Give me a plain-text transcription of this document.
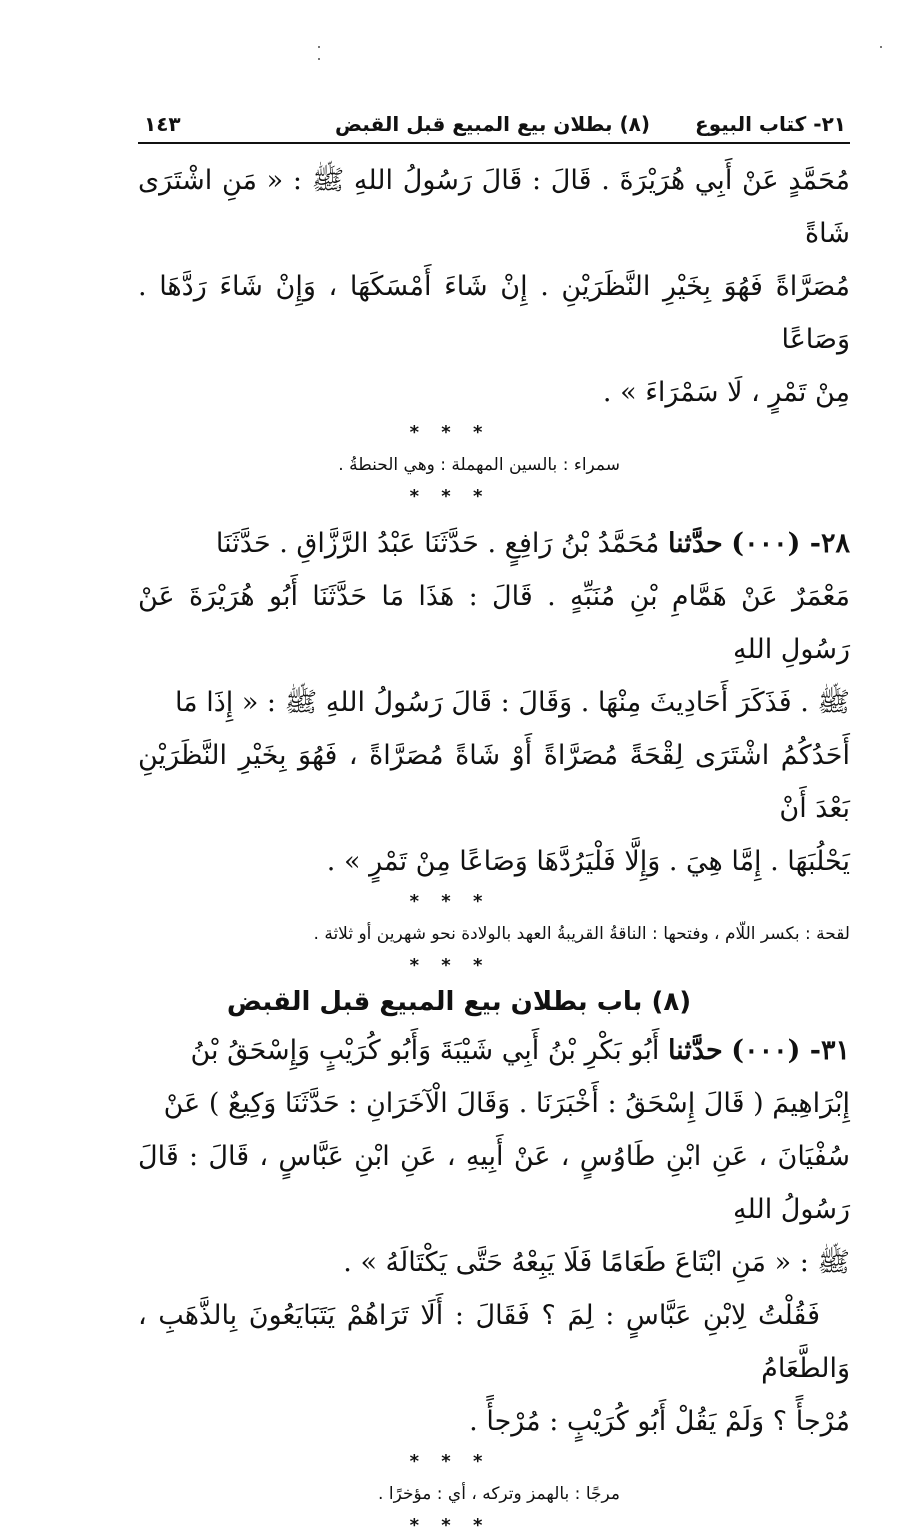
٢١- كتاب البيوع
(٨) بطلان بيع المبيع قبل القبض
١٤٣

مُحَمَّدٍ عَنْ أَبِي هُرَيْرَةَ . قَالَ : قَالَ رَسُولُ اللهِ ﷺ : « مَنِ اشْتَرَى شَاةً

مُصَرَّاةً فَهُوَ بِخَيْرِ النَّظَرَيْنِ . إِنْ شَاءَ أَمْسَكَهَا ، وَإِنْ شَاءَ رَدَّهَا . وَصَاعًا

مِنْ تَمْرٍ ، لَا سَمْرَاءَ » .

* * *

سمراء : بالسين المهملة : وهي الحنطةُ .

* * *

٢٨- (٠٠٠) حدَّثنا مُحَمَّدُ بْنُ رَافِعٍ . حَدَّثَنَا عَبْدُ الرَّزَّاقِ . حَدَّثَنَا

مَعْمَرٌ عَنْ هَمَّامِ بْنِ مُنَبِّهٍ . قَالَ : هَذَا مَا حَدَّثَنَا أَبُو هُرَيْرَةَ عَنْ رَسُولِ اللهِ

ﷺ . فَذَكَرَ أَحَادِيثَ مِنْهَا . وَقَالَ : قَالَ رَسُولُ اللهِ ﷺ : « إِذَا مَا

أَحَدُكُمُ اشْتَرَى لِقْحَةً مُصَرَّاةً أَوْ شَاةً مُصَرَّاةً ، فَهُوَ بِخَيْرِ النَّظَرَيْنِ بَعْدَ أَنْ

يَحْلُبَهَا . إِمَّا هِيَ . وَإِلَّا فَلْيَرُدَّهَا وَصَاعًا مِنْ تَمْرٍ » .

* * *

لقحة : بكسر اللّام ، وفتحها : الناقةُ القريبةُ العهد بالولادة نحو شهرين أو ثلاثة .

* * *

(٨) باب بطلان بيع المبيع قبل القبض

٣١- (٠٠٠) حدَّثنا أَبُو بَكْرِ بْنُ أَبِي شَيْبَةَ وَأَبُو كُرَيْبٍ وَإِسْحَقُ بْنُ

إِبْرَاهِيمَ ( قَالَ إِسْحَقُ : أَخْبَرَنَا . وَقَالَ الْآخَرَانِ : حَدَّثَنَا وَكِيعٌ ) عَنْ

سُفْيَانَ ، عَنِ ابْنِ طَاوُسٍ ، عَنْ أَبِيهِ ، عَنِ ابْنِ عَبَّاسٍ ، قَالَ : قَالَ رَسُولُ اللهِ

ﷺ : « مَنِ ابْتَاعَ طَعَامًا فَلَا يَبِعْهُ حَتَّى يَكْتَالَهُ » .

فَقُلْتُ لِابْنِ عَبَّاسٍ : لِمَ ؟ فَقَالَ : أَلَا تَرَاهُمْ يَتَبَايَعُونَ بِالذَّهَبِ ، وَالطَّعَامُ

مُرْجأً ؟ وَلَمْ يَقُلْ أَبُو كُرَيْبٍ : مُرْجأً .

* * *

مرجًا : بالهمز وتركه ، أي : مؤخرًا .

* * *
